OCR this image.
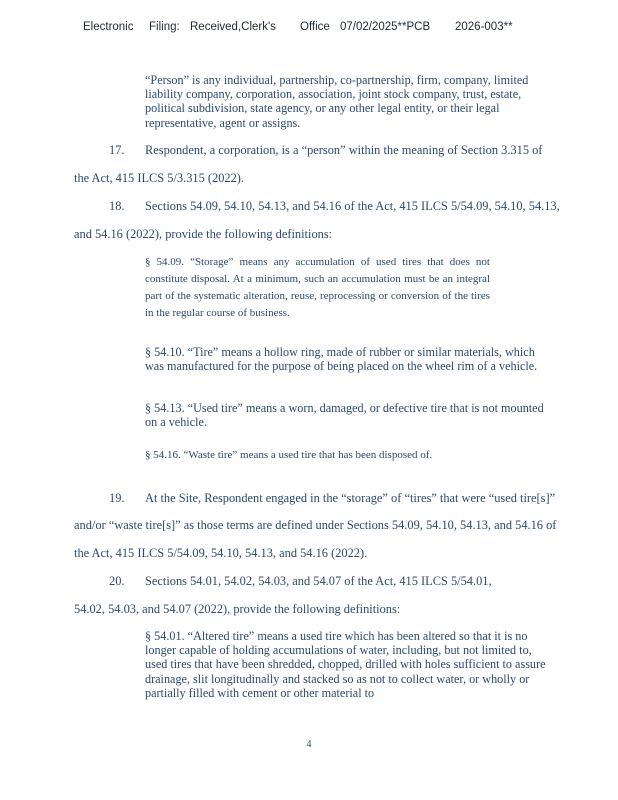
Electronic Filing: Received,Clerk's Office 07/02/2025**PCB 2026-003**
“Person” is any individual, partnership, co-partnership, firm, company, limited liability company, corporation, association, joint stock company, trust, estate, political subdivision, state agency, or any other legal entity, or their legal representative, agent or assigns.
17. Respondent, a corporation, is a “person” within the meaning of Section 3.315 of
the Act, 415 ILCS 5/3.315 (2022).
18. Sections 54.09, 54.10, 54.13, and 54.16 of the Act, 415 ILCS 5/54.09, 54.10, 54.13,
and 54.16 (2022), provide the following definitions:
§ 54.09. “Storage” means any accumulation of used tires that does not constitute disposal. At a minimum, such an accumulation must be an integral part of the systematic alteration, reuse, reprocessing or conversion of the tires in the regular course of business.
§ 54.10. “Tire” means a hollow ring, made of rubber or similar materials, which was manufactured for the purpose of being placed on the wheel rim of a vehicle.
§ 54.13. “Used tire” means a worn, damaged, or defective tire that is not mounted on a vehicle.
§ 54.16. “Waste tire” means a used tire that has been disposed of.
19. At the Site, Respondent engaged in the “storage” of “tires” that were “used tire[s]”
and/or “waste tire[s]” as those terms are defined under Sections 54.09, 54.10, 54.13, and 54.16 of
the Act, 415 ILCS 5/54.09, 54.10, 54.13, and 54.16 (2022).
20. Sections 54.01, 54.02, 54.03, and 54.07 of the Act, 415 ILCS 5/54.01,
54.02, 54.03, and 54.07 (2022), provide the following definitions:
§ 54.01. “Altered tire” means a used tire which has been altered so that it is no longer capable of holding accumulations of water, including, but not limited to, used tires that have been shredded, chopped, drilled with holes sufficient to assure drainage, slit longitudinally and stacked so as not to collect water, or wholly or partially filled with cement or other material to
4
